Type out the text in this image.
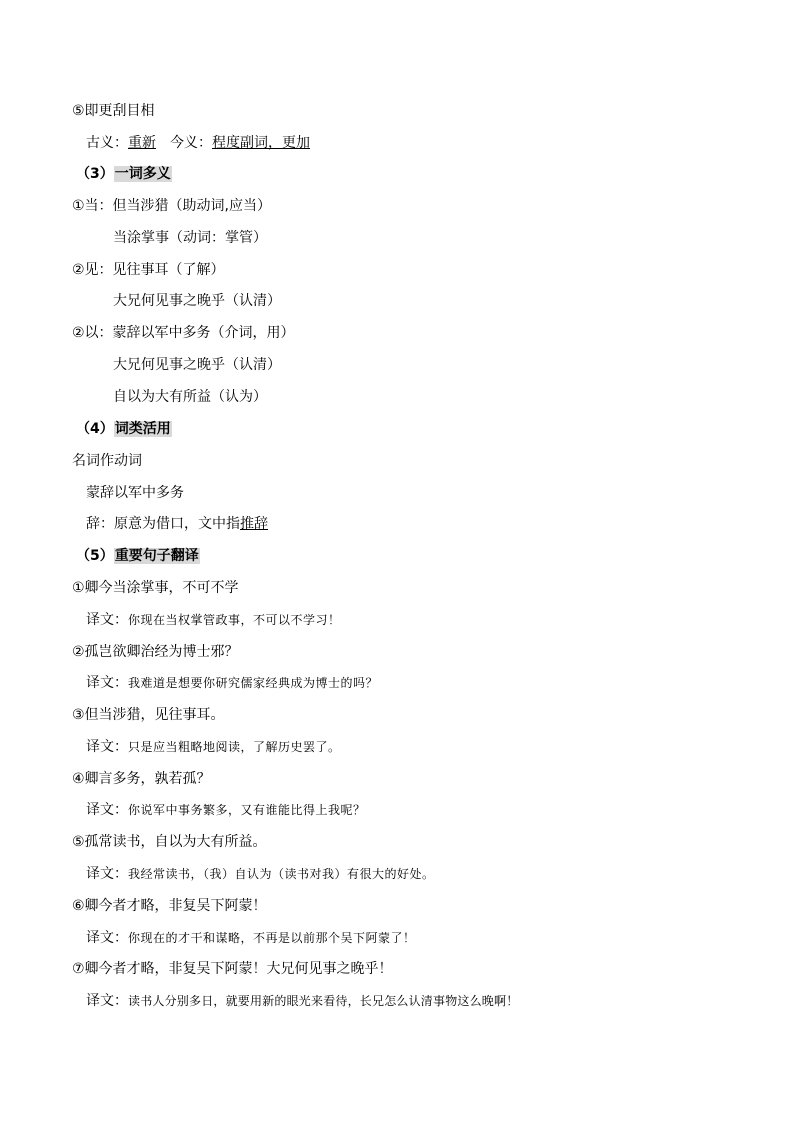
⑤即更刮目相
古义：重新 今义：程度副词，更加
（3）一词多义
①当：但当涉猎（助动词,应当）
当涂掌事（动词：掌管）
②见：见往事耳（了解）
大兄何见事之晚乎（认清）
②以：蒙辞以军中多务（介词，用）
大兄何见事之晚乎（认清）
自以为大有所益（认为）
（4）词类活用
名词作动词
蒙辞以军中多务
辞：原意为借口，文中指推辞
（5）重要句子翻译
①卿今当涂掌事，不可不学
译文：你现在当权掌管政事，不可以不学习！
②孤岂欲卿治经为博士邪？
译文：我难道是想要你研究儒家经典成为博士的吗？
③但当涉猎，见往事耳。
译文：只是应当粗略地阅读，了解历史罢了。
④卿言多务，孰若孤？
译文：你说军中事务繁多，又有谁能比得上我呢？
⑤孤常读书，自以为大有所益。
译文：我经常读书，（我）自认为（读书对我）有很大的好处。
⑥卿今者才略，非复吴下阿蒙！
译文：你现在的才干和谋略，不再是以前那个吴下阿蒙了！
⑦卿今者才略，非复吴下阿蒙！大兄何见事之晚乎！
译文：读书人分别多日，就要用新的眼光来看待，长兄怎么认清事物这么晚啊！
